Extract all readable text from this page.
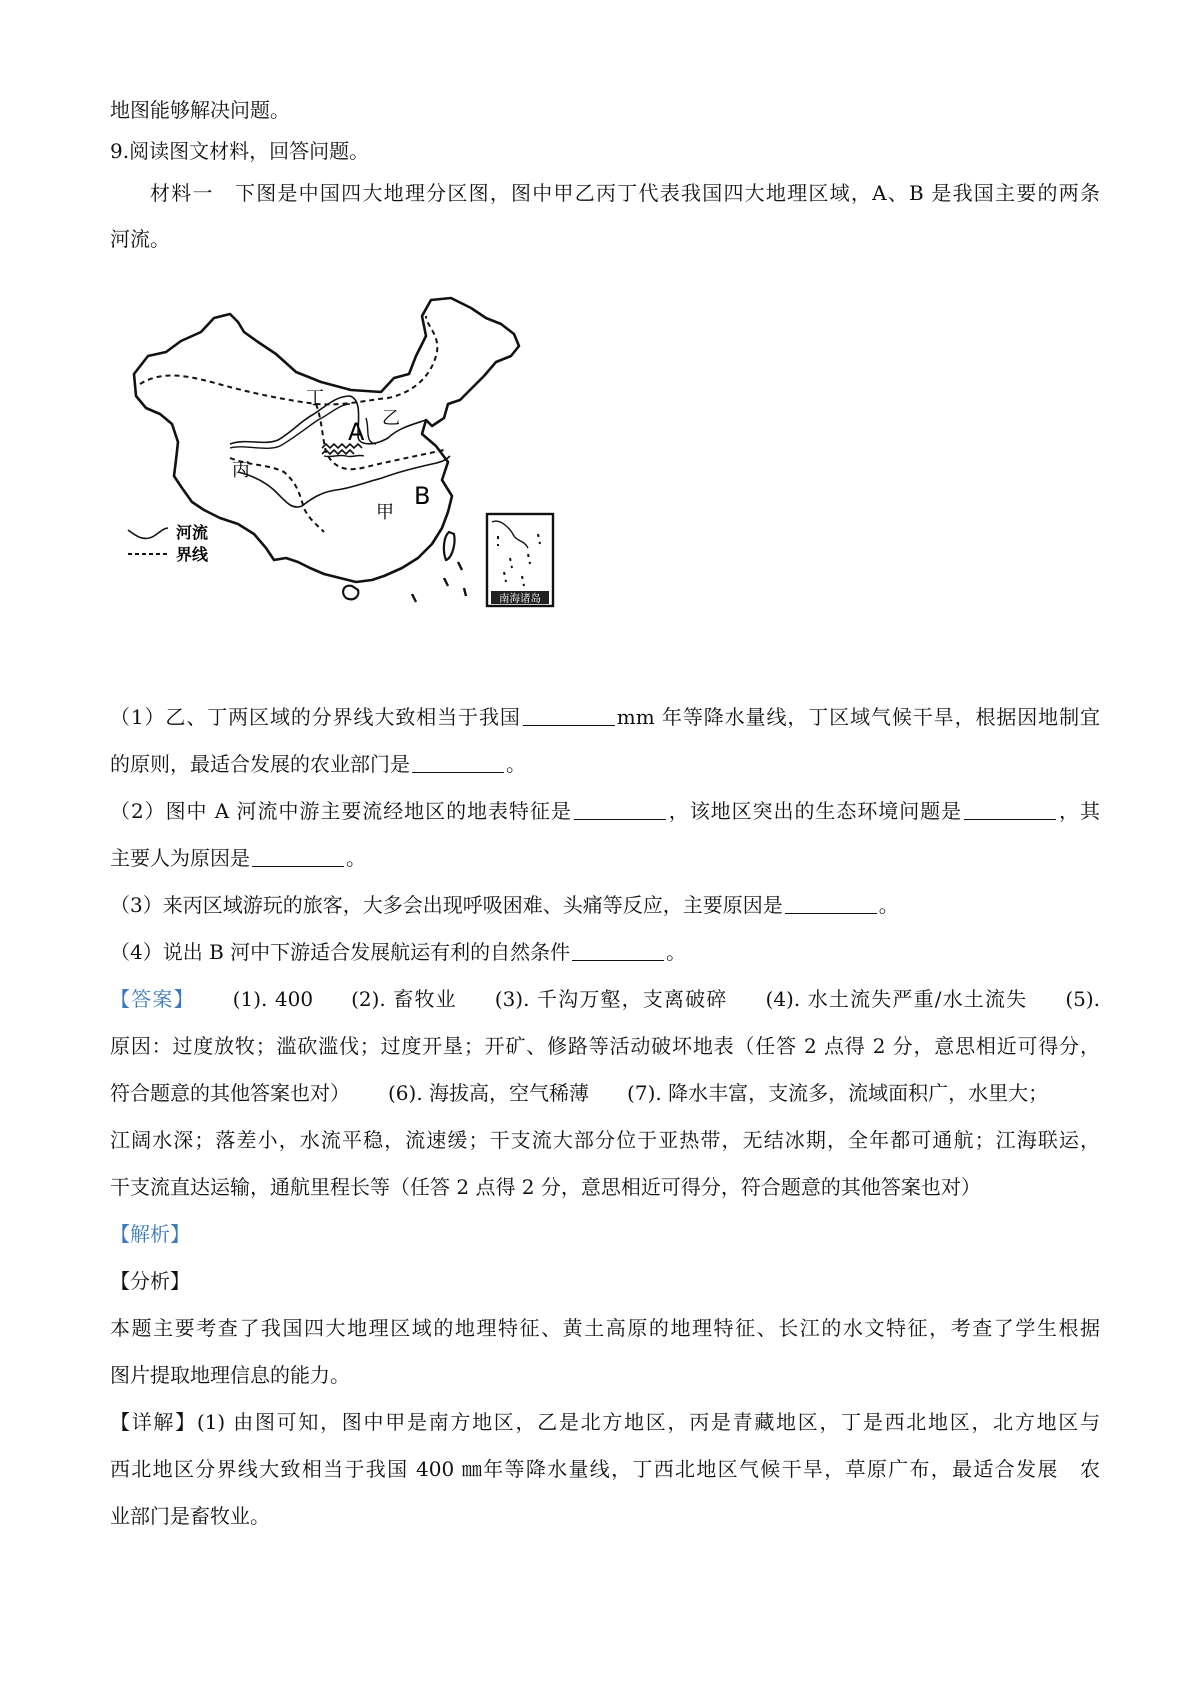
地图能够解决问题。
9.阅读图文材料，回答问题。
材料一　下图是中国四大地理分区图，图中甲乙丙丁代表我国四大地理区域，A、B 是我国主要的两条
河流。
丁
乙
A
丙
B
甲
河流
界线
南海诸岛
（1）乙、丁两区域的分界线大致相当于我国	mm 年等降水量线，丁区域气候干旱，根据因地制宜
的原则，最适合发展的农业部门是	。
（2）图中 A 河流中游主要流经地区的地表特征是	，该地区突出的生态环境问题是	，其
主要人为原因是	。
（3）来丙区域游玩的旅客，大多会出现呼吸困难、头痛等反应，主要原因是	。
（4）说出 B 河中下游适合发展航运有利的自然条件	。
【答案】 (1). 400 (2). 畜牧业 (3). 千沟万壑，支离破碎 (4). 水土流失严重/水土流失 (5).
原因：过度放牧；滥砍滥伐；过度开垦；开矿、修路等活动破坏地表（任答 2 点得 2 分，意思相近可得分，
符合题意的其他答案也对） (6). 海拔高，空气稀薄 (7). 降水丰富，支流多，流域面积广，水里大；
江阔水深；落差小，水流平稳，流速缓；干支流大部分位于亚热带，无结冰期，全年都可通航；江海联运，
干支流直达运输，通航里程长等（任答 2 点得 2 分，意思相近可得分，符合题意的其他答案也对）
【解析】
【分析】
本题主要考查了我国四大地理区域的地理特征、黄土高原的地理特征、长江的水文特征，考查了学生根据
图片提取地理信息的能力。
【详解】(1) 由图可知，图中甲是南方地区，乙是北方地区，丙是青藏地区，丁是西北地区，北方地区与
西北地区分界线大致相当于我国 400 ㎜年等降水量线，丁西北地区气候干旱，草原广布，最适合发展　农
业部门是畜牧业。
